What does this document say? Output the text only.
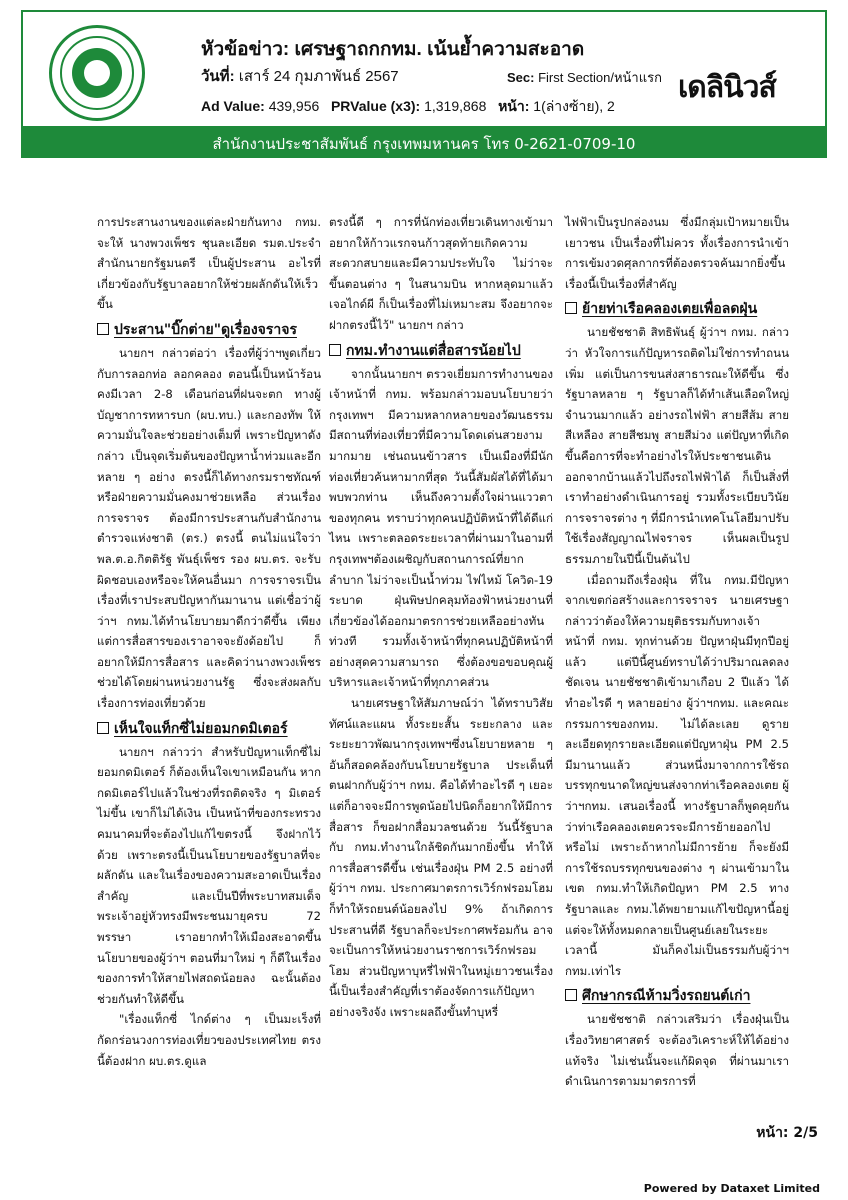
หัวข้อข่าว: เศรษฐาถกกทม. เน้นย้ำความสะอาด
วันที่: เสาร์ 24 กุมภาพันธ์ 2567	Sec: First Section/หน้าแรก
Ad Value: 439,956 PRValue (x3): 1,319,868 หน้า: 1(ล่างซ้าย), 2
เดลินิวส์
สำนักงานประชาสัมพันธ์ กรุงเทพมหานคร โทร 0-2621-0709-10

การประสานงานของแต่ละฝ่ายกันทาง กทม. จะให้ นางพวงเพ็ชร ชุนละเอียด รมต.ประจำสำนักนายกรัฐมนตรี เป็นผู้ประสาน อะไรที่เกี่ยวข้องกับรัฐบาลอยากให้ช่วยผลักดันให้เร็วขึ้น

ประสาน"บิ๊กต่าย"ดูเรื่องจราจร

นายกฯ กล่าวต่อว่า เรื่องที่ผู้ว่าฯพูดเกี่ยวกับการลอกท่อ ลอกคลอง ตอนนี้เป็นหน้าร้อนคงมีเวลา 2-8 เดือนก่อนที่ฝนจะตก ทางผู้บัญชาการทหารบก (ผบ.ทบ.) และกองทัพ ให้ความมั่นใจละช่วยอย่างเต็มที่ เพราะปัญหาดังกล่าว เป็นจุดเริ่มต้นของปัญหาน้ำท่วมและอีกหลาย ๆ อย่าง ตรงนี้ก็ได้ทางกรมราชทัณฑ์หรือฝ่ายความมั่นคงมาช่วยเหลือ ส่วนเรื่องการจราจร ต้องมีการประสานกับสำนักงานตำรวจแห่งชาติ (ตร.) ตรงนี้ ตนไม่แน่ใจว่า พล.ต.อ.กิตติรัฐ พันธุ์เพ็ชร รอง ผบ.ตร. จะรับผิดชอบเองหรือจะให้คนอื่นมา การจราจรเป็นเรื่องที่เราประสบปัญหากันมานาน แต่เชื่อว่าผู้ว่าฯ กทม.ได้ทำนโยบายมาดีกว่าดีขึ้น เพียงแต่การสื่อสารของเราอาจจะยังด้อยไป ก็อยากให้มีการสื่อสาร และคิดว่านางพวงเพ็ชรช่วยได้โดยผ่านหน่วยงานรัฐ ซึ่งจะส่งผลกับเรื่องการท่องเที่ยวด้วย

เห็นใจแท็กซี่ไม่ยอมกดมิเตอร์

นายกฯ กล่าวว่า สำหรับปัญหาแท็กซี่ไม่ยอมกดมิเตอร์ ก็ต้องเห็นใจเขาเหมือนกัน หากกดมิเตอร์ไปแล้วในช่วงที่รถติดจริง ๆ มิเตอร์ไม่ขึ้น เขาก็ไม่ได้เงิน เป็นหน้าที่ของกระทรวงคมนาคมที่จะต้องไปแก้ไขตรงนี้ จึงฝากไว้ด้วย เพราะตรงนี้เป็นนโยบายของรัฐบาลที่จะผลักดัน และในเรื่องของความสะอาดเป็นเรื่องสำคัญ และเป็นปีที่พระบาทสมเด็จพระเจ้าอยู่หัวทรงมีพระชนมายุครบ 72 พรรษา เราอยากทำให้เมืองสะอาดขึ้น นโยบายของผู้ว่าฯ ตอนที่มาใหม่ ๆ ก็ดีในเรื่องของการทำให้สายไฟสถดน้อยลง ฉะนั้นต้องช่วยกันทำให้ดีขึ้น

"เรื่องแท็กซี่ ไกด์ต่าง ๆ เป็นมะเร็งที่กัดกร่อนวงการท่องเที่ยวของประเทศไทย ตรงนี้ต้องฝาก ผบ.ตร.ดูแล

ตรงนี้ดี ๆ การที่นักท่องเที่ยวเดินทางเข้ามาอยากให้ก้าวแรกจนก้าวสุดท้ายเกิดความสะดวกสบายและมีความประทับใจ ไม่ว่าจะขึ้นตอนต่าง ๆ ในสนามบิน หากหลุดมาแล้วเจอไกด์ผี ก็เป็นเรื่องที่ไม่เหมาะสม จึงอยากจะฝากตรงนี้ไว้" นายกฯ กล่าว

กทม.ทำงานแต่สื่อสารน้อยไป

จากนั้นนายกฯ ตรวจเยี่ยมการทำงานของเจ้าหน้าที่ กทม. พร้อมกล่าวมอบนโยบายว่า กรุงเทพฯ มีความหลากหลายของวัฒนธรรม มีสถานที่ท่องเที่ยวที่มีความโดดเด่นสวยงามมากมาย เช่นถนนข้าวสาร เป็นเมืองที่มีนักท่องเที่ยวค้นหามากที่สุด วันนี้สัมผัสได้ที่ได้มาพบพวกท่าน เห็นถึงความตั้งใจผ่านแววตาของทุกคน ทราบว่าทุกคนปฏิบัติหน้าที่ได้ดีแก่ไหน เพราะตลอดระยะเวลาที่ผ่านมาในอามที่กรุงเทพฯต้องเผชิญกับสถานการณ์ที่ยากลำบาก ไม่ว่าจะเป็นน้ำท่วม ไฟไหม้ โควิด-19 ระบาด ฝุ่นพิษปกคลุมท้องฟ้าหน่วยงานที่เกี่ยวข้องได้ออกมาตรการช่วยเหลืออย่างทันท่วงที รวมทั้งเจ้าหน้าที่ทุกคนปฏิบัติหน้าที่อย่างสุดความสามารถ ซึ่งต้องขอขอบคุณผู้บริหารและเจ้าหน้าที่ทุกภาคส่วน

นายเศรษฐาให้สัมภาษณ์ว่า ได้ทราบวิสัยทัศน์และแผน ทั้งระยะสั้น ระยะกลาง และระยะยาวพัฒนากรุงเทพฯซึ่งนโยบายหลาย ๆ อันก็สอดคล้องกับนโยบายรัฐบาล ประเด็นที่ตนฝากกับผู้ว่าฯ กทม. คือได้ทำอะไรดี ๆ เยอะ แต่ก็อาจจะมีการพูดน้อยไปนิดก็อยากให้มีการสื่อสาร ก็ขอฝากสื่อมวลชนด้วย วันนี้รัฐบาลกับ กทม.ทำงานใกล้ชิดกันมากยิ่งขึ้น ทำให้การสื่อสารดีขึ้น เช่นเรื่องฝุ่น PM 2.5 อย่างที่ผู้ว่าฯ กทม. ประกาศมาตรการเวิร์กฟรอมโฮม ก็ทำให้รถยนต์น้อยลงไป 9% ถ้าเกิดการประสานที่ดี รัฐบาลก็จะประกาศพร้อมกัน อาจจะเป็นการให้หน่วยงานราชการเวิร์กฟรอมโฮม ส่วนปัญหาบุหรี่ไฟฟ้าในหมู่เยาวชนเรื่องนี้เป็นเรื่องสำคัญที่เราต้องจัดการแก้ปัญหาอย่างจริงจัง เพราะผลถึงขั้นทำบุหรี่

ไฟฟ้าเป็นรูปกล่องนม ซึ่งมีกลุ่มเป้าหมายเป็นเยาวชน เป็นเรื่องที่ไม่ควร ทั้งเรื่องการนำเข้า การเข้มงวดศุลกากรที่ต้องตรวจค้นมากยิ่งขึ้น เรื่องนี้เป็นเรื่องที่สำคัญ

ย้ายท่าเรือคลองเตยเพื่อลดฝุ่น

นายชัชชาติ สิทธิพันธุ์ ผู้ว่าฯ กทม. กล่าวว่า หัวใจการแก้ปัญหารถติดไม่ใช่การทำถนนเพิ่ม แต่เป็นการขนส่งสาธารณะให้ดีขึ้น ซึ่งรัฐบาลหลาย ๆ รัฐบาลก็ได้ทำเส้นเลือดใหญ่จำนวนมากแล้ว อย่างรถไฟฟ้า สายสีส้ม สายสีเหลือง สายสีชมพู สายสีม่วง แต่ปัญหาที่เกิดขึ้นคือการที่จะทำอย่างไรให้ประชาชนเดินออกจากบ้านแล้วไปถึงรถไฟฟ้าได้ ก็เป็นสิ่งที่เราทำอย่างดำเนินการอยู่ รวมทั้งระเบียบวินัยการจราจรต่าง ๆ ที่มีการนำเทคโนโลยีมาปรับใช้เรื่องสัญญาณไฟจราจร เห็นผลเป็นรูปธรรมภายในปีนี้เป็นต้นไป

เมื่อถามถึงเรื่องฝุ่น ที่ใน กทม.มีปัญหาจากเขตก่อสร้างและการจราจร นายเศรษฐากล่าวว่าต้องให้ความยุติธรรมกับทางเจ้าหน้าที่ กทม. ทุกท่านด้วย ปัญหาฝุ่นมีทุกปีอยู่แล้ว แต่ปีนี้ศูนย์ทราบได้ว่าปริมาณลดลงชัดเจน นายชัชชาติเข้ามาเกือบ 2 ปีแล้ว ได้ทำอะไรดี ๆ หลายอย่าง ผู้ว่าฯกทม. และคณะกรรมการของกทม. ไม่ได้ละเลย ดูรายละเอียดทุกรายละเอียดแต่ปัญหาฝุ่น PM 2.5 มีมานานแล้ว ส่วนหนึ่งมาจากการใช้รถบรรทุกขนาดใหญ่ขนส่งจากท่าเรือคลองเตย ผู้ว่าฯกทม. เสนอเรื่องนี้ ทางรัฐบาลก็พูดคุยกันว่าท่าเรือคลองเตยควรจะมีการย้ายออกไปหรือไม่ เพราะถ้าหากไม่มีการย้าย ก็จะยังมีการใช้รถบรรทุกขนของต่าง ๆ ผ่านเข้ามาในเขต กทม.ทำให้เกิดปัญหา PM 2.5 ทางรัฐบาลและ กทม.ได้พยายามแก้ไขปัญหานี้อยู่ แต่จะให้ทั้งหมดกลายเป็นศูนย์เลยในระยะเวลานี้ มันก็คงไม่เป็นธรรมกับผู้ว่าฯ กทม.เท่าไร

ศึกษากรณีห้ามวิ่งรถยนต์เก่า

นายชัชชาติ กล่าวเสริมว่า เรื่องฝุ่นเป็นเรื่องวิทยาศาสตร์ จะต้องวิเคราะห์ให้ได้อย่างแท้จริง ไม่เช่นนั้นจะแก้ผิดจุด ที่ผ่านมาเราดำเนินการตามมาตรการที่

หน้า: 2/5
Powered by Dataxet Limited
